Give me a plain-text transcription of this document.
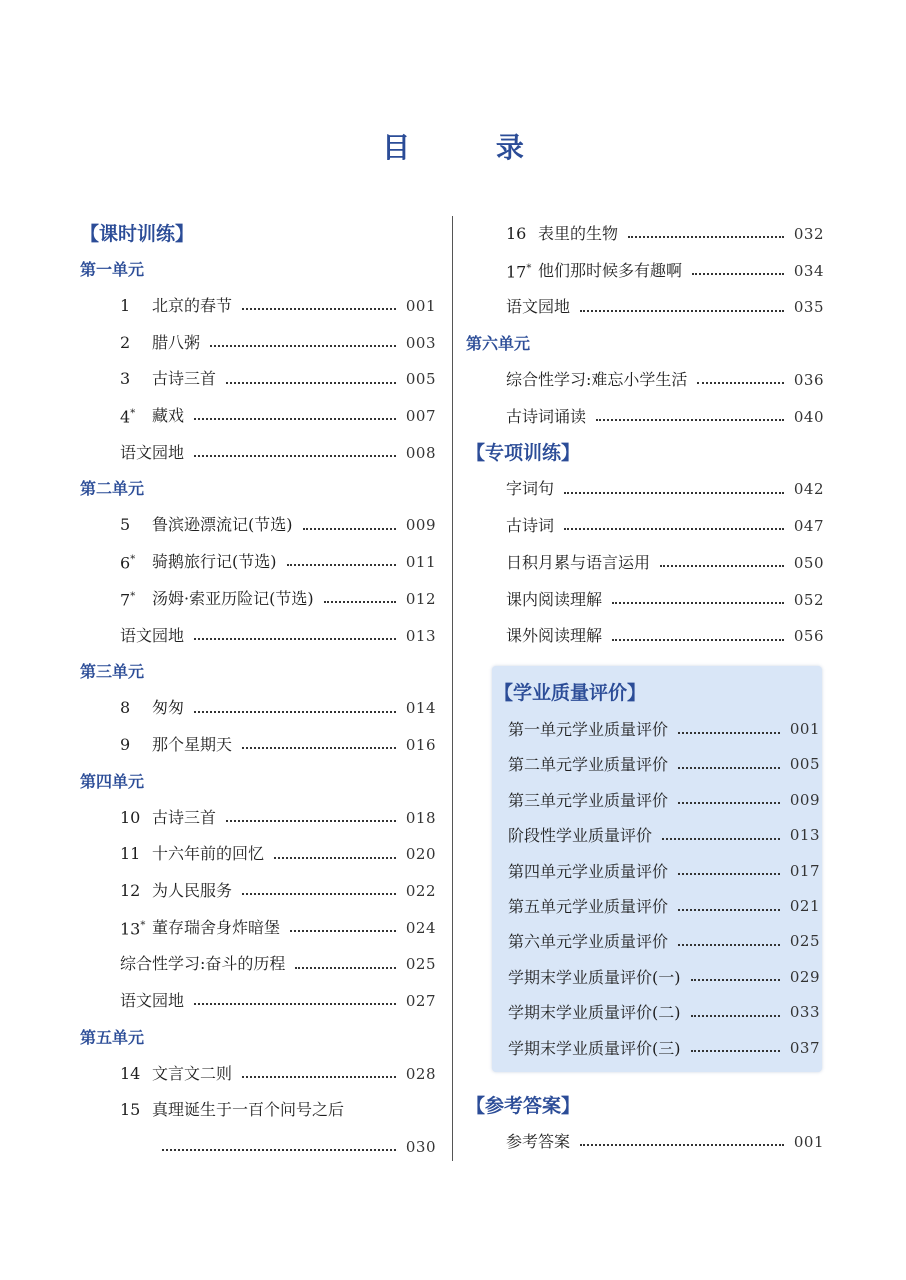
目 录
【课时训练】
第一单元
1	北京的春节	001
2	腊八粥	003
3	古诗三首	005
4*	藏戏	007
语文园地	008
第二单元
5	鲁滨逊漂流记(节选)	009
6*	骑鹅旅行记(节选)	011
7*	汤姆·索亚历险记(节选)	012
语文园地	013
第三单元
8	匆匆	014
9	那个星期天	016
第四单元
10 古诗三首	018
11 十六年前的回忆	020
12 为人民服务	022
13* 董存瑞舍身炸暗堡	024
综合性学习:奋斗的历程	025
语文园地	027
第五单元
14 文言文二则	028
15 真理诞生于一百个问号之后
030
16 表里的生物	032
17* 他们那时候多有趣啊	034
语文园地	035
第六单元
综合性学习:难忘小学生活	036
古诗词诵读	040
【专项训练】
字词句	042
古诗词	047
日积月累与语言运用	050
课内阅读理解	052
课外阅读理解	056
【学业质量评价】
第一单元学业质量评价	001
第二单元学业质量评价	005
第三单元学业质量评价	009
阶段性学业质量评价	013
第四单元学业质量评价	017
第五单元学业质量评价	021
第六单元学业质量评价	025
学期末学业质量评价(一)	029
学期末学业质量评价(二)	033
学期末学业质量评价(三)	037
【参考答案】
参考答案	001
